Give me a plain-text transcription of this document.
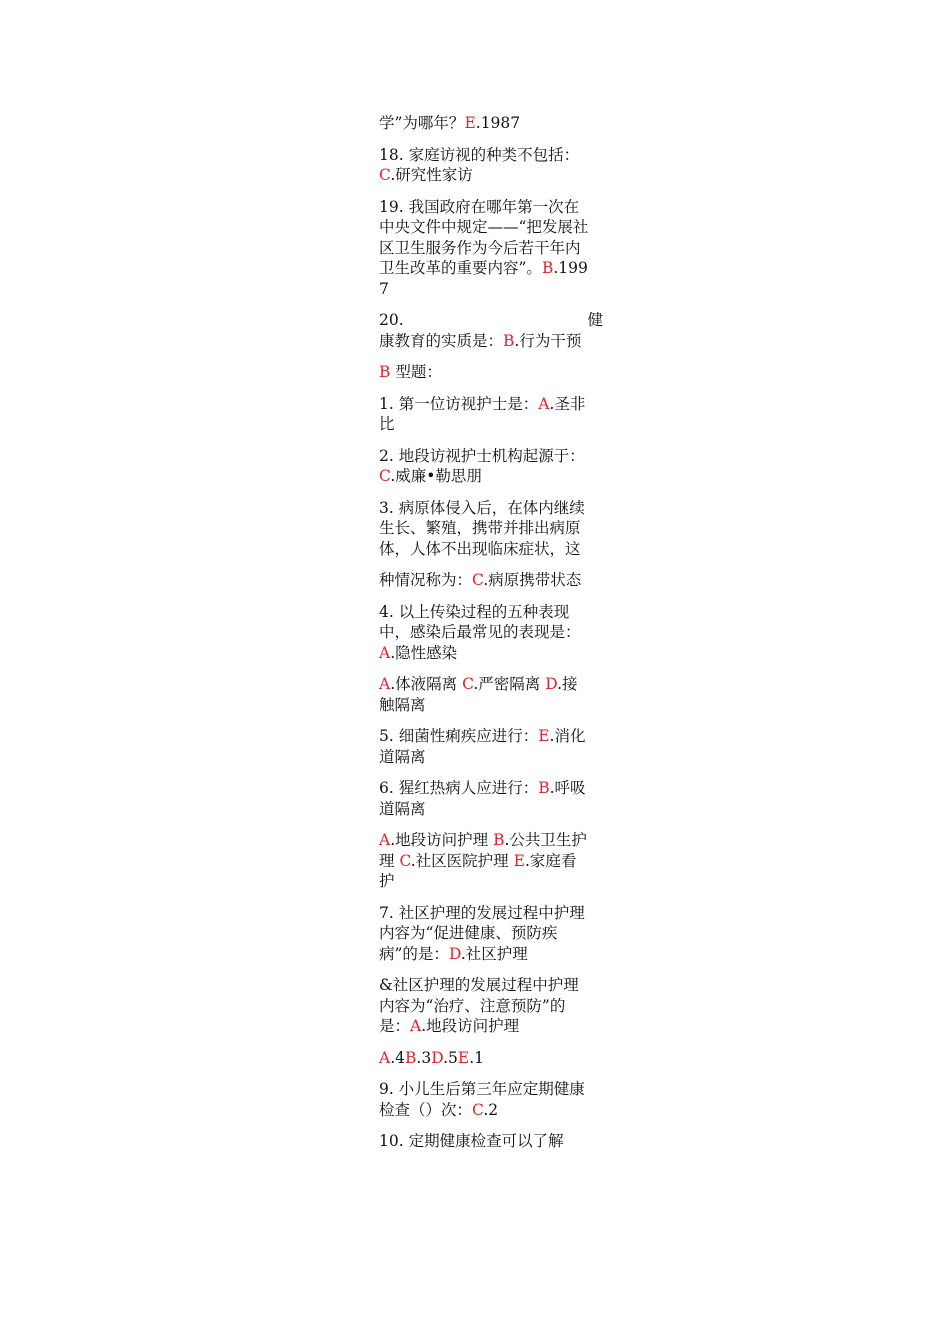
学”为哪年？E.1987

18. 家庭访视的种类不包括：C.研究性家访

19. 我国政府在哪年第一次在中央文件中规定——“把发展社区卫生服务作为今后若干年内卫生改革的重要内容”。B.1997

20.	健
康教育的实质是：B.行为干预

B 型题：

1. 第一位访视护士是：A.圣非比

2. 地段访视护士机构起源于：C.威廉•勒思朋

3. 病原体侵入后，在体内继续生长、繁殖，携带并排出病原体，人体不出现临床症状，这

种情况称为：C.病原携带状态

4. 以上传染过程的五种表现中，感染后最常见的表现是：A.隐性感染

A.体液隔离 C.严密隔离 D.接触隔离

5. 细菌性痢疾应进行：E.消化道隔离

6. 猩红热病人应进行：B.呼吸道隔离

A.地段访问护理 B.公共卫生护理 C.社区医院护理 E.家庭看护

7. 社区护理的发展过程中护理内容为“促进健康、预防疾病”的是：D.社区护理

&社区护理的发展过程中护理内容为“治疗、注意预防”的是：A.地段访问护理

A.4B.3D.5E.1

9. 小儿生后第三年应定期健康检查（）次：C.2

10. 定期健康检查可以了解
